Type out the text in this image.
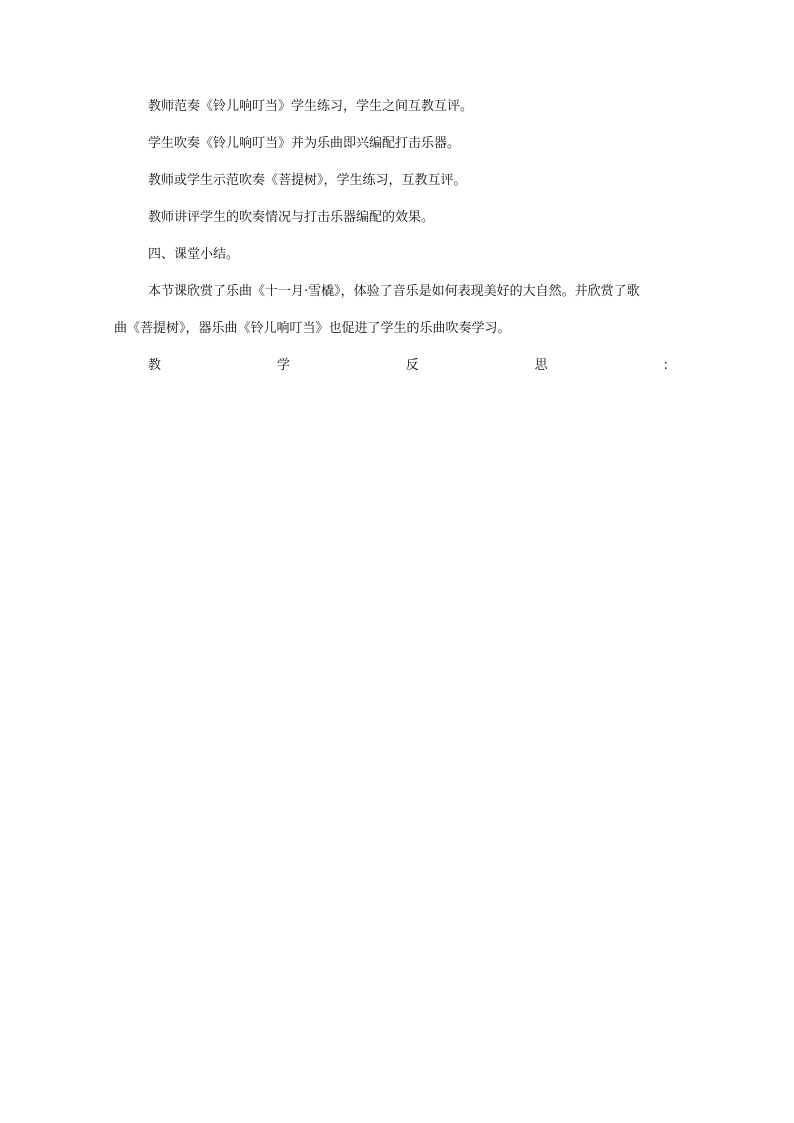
教师范奏《铃儿响叮当》学生练习，学生之间互教互评。
学生吹奏《铃儿响叮当》并为乐曲即兴编配打击乐器。
教师或学生示范吹奏《菩提树》，学生练习，互教互评。
教师讲评学生的吹奏情况与打击乐器编配的效果。
四、课堂小结。
本节课欣赏了乐曲《十一月·雪橇》，体验了音乐是如何表现美好的大自然。并欣赏了歌
曲《菩提树》，器乐曲《铃儿响叮当》也促进了学生的乐曲吹奏学习。
教	学	反	思	:
